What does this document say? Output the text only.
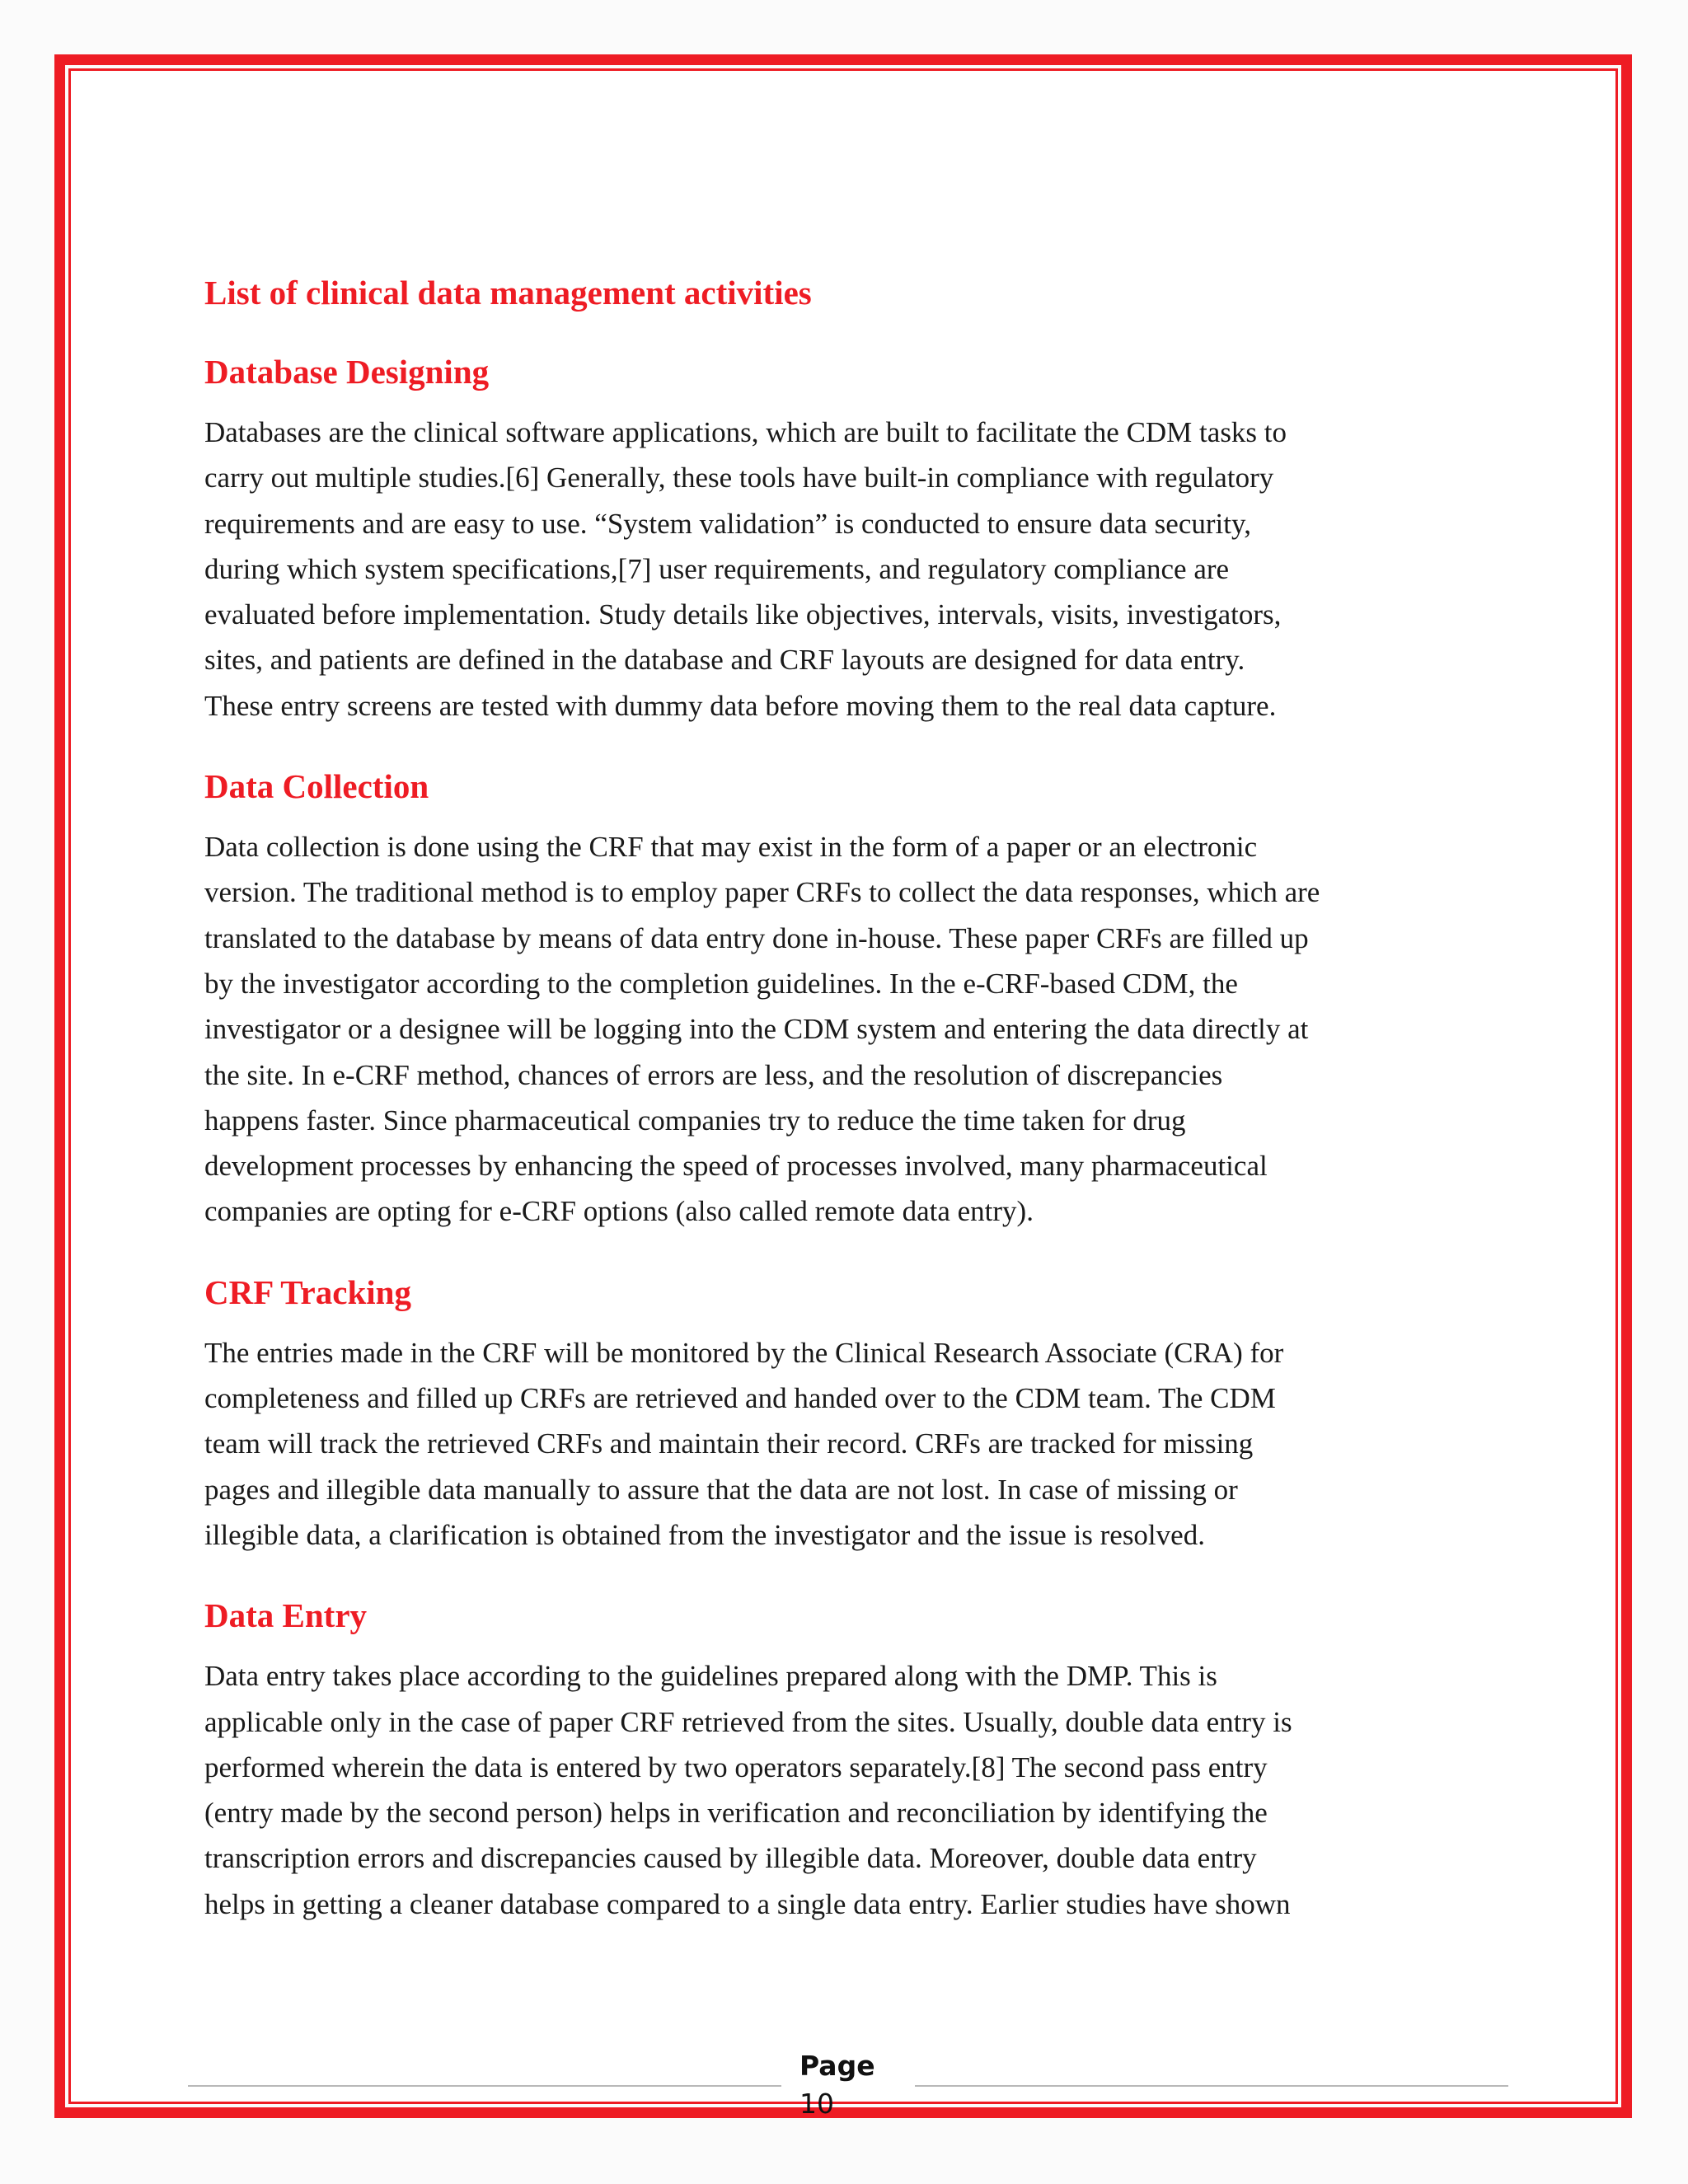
List of clinical data management activities
Database Designing

Databases are the clinical software applications, which are built to facilitate the CDM tasks to
carry out multiple studies.[6] Generally, these tools have built-in compliance with regulatory
requirements and are easy to use. “System validation” is conducted to ensure data security,
during which system specifications,[7] user requirements, and regulatory compliance are
evaluated before implementation. Study details like objectives, intervals, visits, investigators,
sites, and patients are defined in the database and CRF layouts are designed for data entry.
These entry screens are tested with dummy data before moving them to the real data capture.

Data Collection

Data collection is done using the CRF that may exist in the form of a paper or an electronic
version. The traditional method is to employ paper CRFs to collect the data responses, which are
translated to the database by means of data entry done in-house. These paper CRFs are filled up
by the investigator according to the completion guidelines. In the e-CRF-based CDM, the
investigator or a designee will be logging into the CDM system and entering the data directly at
the site. In e-CRF method, chances of errors are less, and the resolution of discrepancies
happens faster. Since pharmaceutical companies try to reduce the time taken for drug
development processes by enhancing the speed of processes involved, many pharmaceutical
companies are opting for e-CRF options (also called remote data entry).

CRF Tracking

The entries made in the CRF will be monitored by the Clinical Research Associate (CRA) for
completeness and filled up CRFs are retrieved and handed over to the CDM team. The CDM
team will track the retrieved CRFs and maintain their record. CRFs are tracked for missing
pages and illegible data manually to assure that the data are not lost. In case of missing or
illegible data, a clarification is obtained from the investigator and the issue is resolved.

Data Entry

Data entry takes place according to the guidelines prepared along with the DMP. This is
applicable only in the case of paper CRF retrieved from the sites. Usually, double data entry is
performed wherein the data is entered by two operators separately.[8] The second pass entry
(entry made by the second person) helps in verification and reconciliation by identifying the
transcription errors and discrepancies caused by illegible data. Moreover, double data entry
helps in getting a cleaner database compared to a single data entry. Earlier studies have shown

Page
10
